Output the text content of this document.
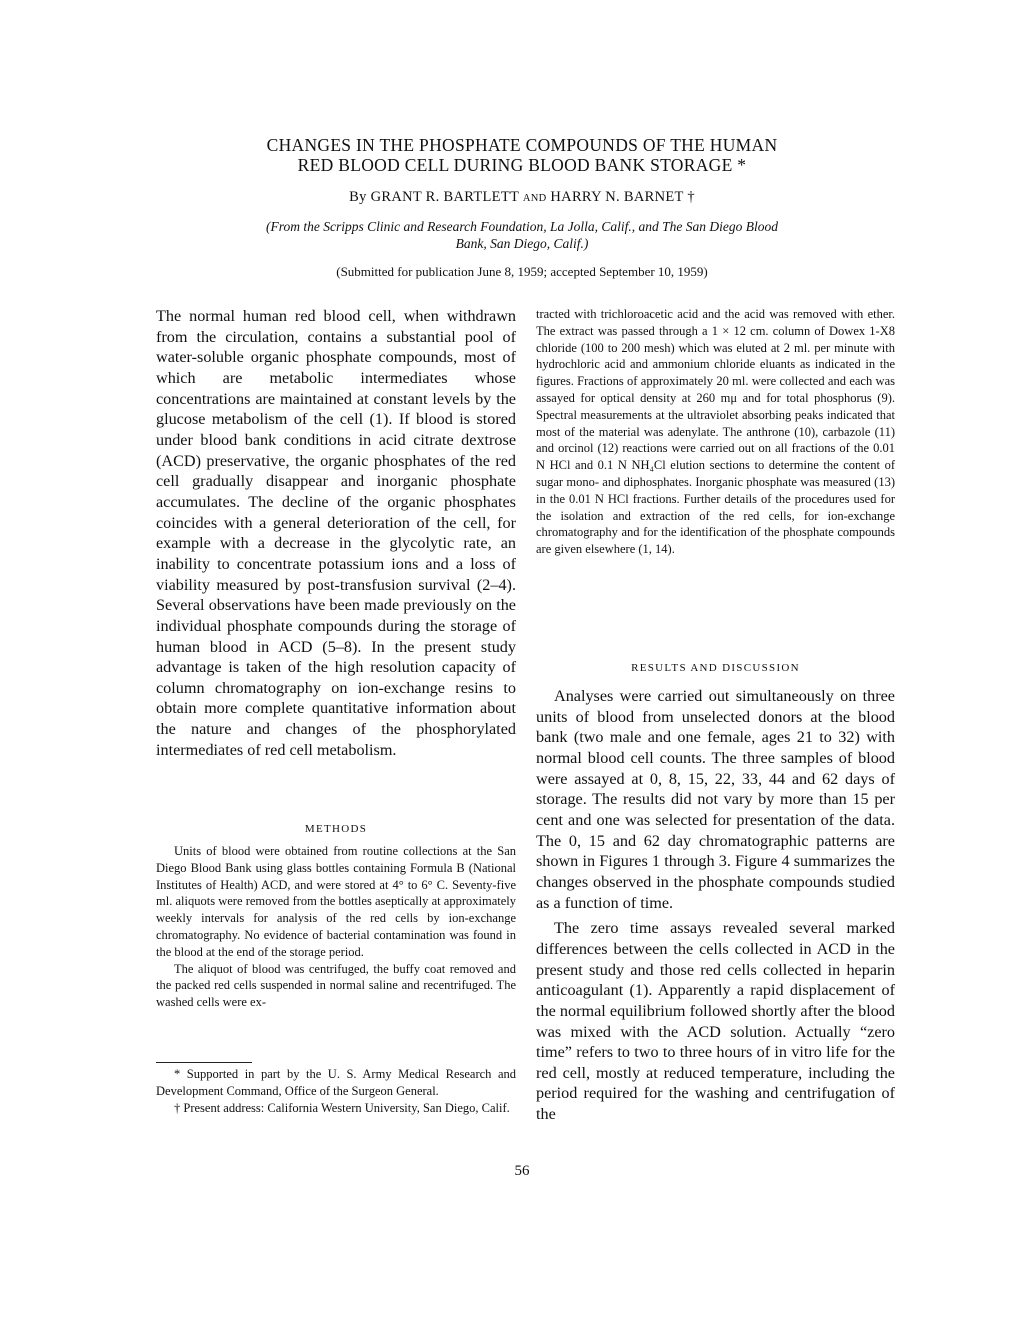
CHANGES IN THE PHOSPHATE COMPOUNDS OF THE HUMAN
RED BLOOD CELL DURING BLOOD BANK STORAGE *
By GRANT R. BARTLETT AND HARRY N. BARNET †
(From the Scripps Clinic and Research Foundation, La Jolla, Calif., and The San Diego Blood
Bank, San Diego, Calif.)
(Submitted for publication June 8, 1959; accepted September 10, 1959)

The normal human red blood cell, when withdrawn from the circulation, contains a substantial pool of water-soluble organic phosphate compounds, most of which are metabolic intermediates whose concentrations are maintained at constant levels by the glucose metabolism of the cell (1). If blood is stored under blood bank conditions in acid citrate dextrose (ACD) preservative, the organic phosphates of the red cell gradually disappear and inorganic phosphate accumulates. The decline of the organic phosphates coincides with a general deterioration of the cell, for example with a decrease in the glycolytic rate, an inability to concentrate potassium ions and a loss of viability measured by post-transfusion survival (2–4). Several observations have been made previously on the individual phosphate compounds during the storage of human blood in ACD (5–8). In the present study advantage is taken of the high resolution capacity of column chromatography on ion-exchange resins to obtain more complete quantitative information about the nature and changes of the phosphorylated intermediates of red cell metabolism.

METHODS

Units of blood were obtained from routine collections at the San Diego Blood Bank using glass bottles containing Formula B (National Institutes of Health) ACD, and were stored at 4° to 6° C. Seventy-five ml. aliquots were removed from the bottles aseptically at approximately weekly intervals for analysis of the red cells by ion-exchange chromatography. No evidence of bacterial contamination was found in the blood at the end of the storage period.

The aliquot of blood was centrifuged, the buffy coat removed and the packed red cells suspended in normal saline and recentrifuged. The washed cells were ex-

* Supported in part by the U. S. Army Medical Research and Development Command, Office of the Surgeon General.

† Present address: California Western University, San Diego, Calif.

tracted with trichloroacetic acid and the acid was removed with ether. The extract was passed through a 1 × 12 cm. column of Dowex 1-X8 chloride (100 to 200 mesh) which was eluted at 2 ml. per minute with hydrochloric acid and ammonium chloride eluants as indicated in the figures. Fractions of approximately 20 ml. were collected and each was assayed for optical density at 260 mμ and for total phosphorus (9). Spectral measurements at the ultraviolet absorbing peaks indicated that most of the material was adenylate. The anthrone (10), carbazole (11) and orcinol (12) reactions were carried out on all fractions of the 0.01 N HCl and 0.1 N NH₄Cl elution sections to determine the content of sugar mono- and diphosphates. Inorganic phosphate was measured (13) in the 0.01 N HCl fractions. Further details of the procedures used for the isolation and extraction of the red cells, for ion-exchange chromatography and for the identification of the phosphate compounds are given elsewhere (1, 14).

RESULTS AND DISCUSSION

Analyses were carried out simultaneously on three units of blood from unselected donors at the blood bank (two male and one female, ages 21 to 32) with normal blood cell counts. The three samples of blood were assayed at 0, 8, 15, 22, 33, 44 and 62 days of storage. The results did not vary by more than 15 per cent and one was selected for presentation of the data. The 0, 15 and 62 day chromatographic patterns are shown in Figures 1 through 3. Figure 4 summarizes the changes observed in the phosphate compounds studied as a function of time.

The zero time assays revealed several marked differences between the cells collected in ACD in the present study and those red cells collected in heparin anticoagulant (1). Apparently a rapid displacement of the normal equilibrium followed shortly after the blood was mixed with the ACD solution. Actually “zero time” refers to two to three hours of in vitro life for the red cell, mostly at reduced temperature, including the period required for the washing and centrifugation of the

56
